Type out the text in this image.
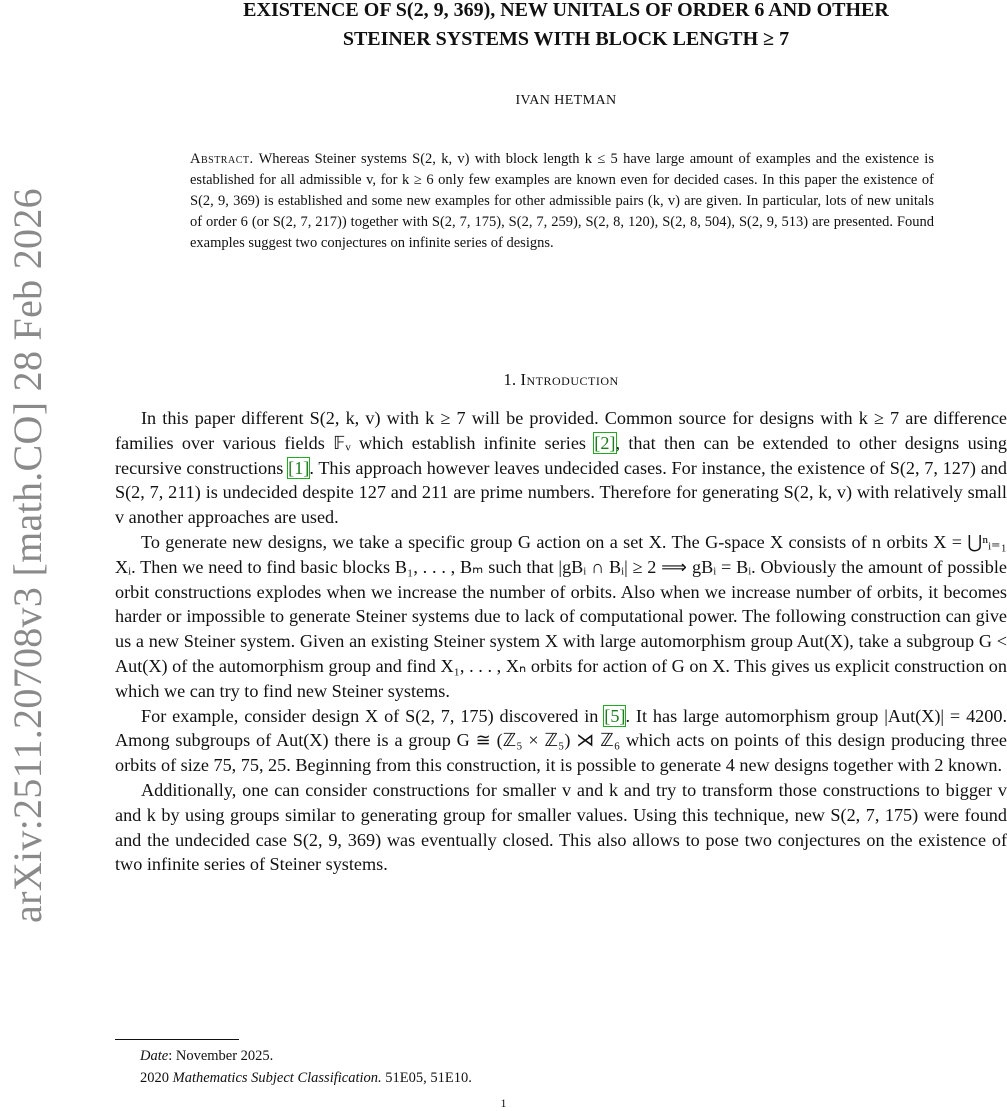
arXiv:2511.20708v3 [math.CO] 28 Feb 2026
EXISTENCE OF S(2, 9, 369), NEW UNITALS OF ORDER 6 AND OTHER
STEINER SYSTEMS WITH BLOCK LENGTH ≥ 7
IVAN HETMAN
Abstract. Whereas Steiner systems S(2, k, v) with block length k ≤ 5 have large amount of examples and the existence is established for all admissible v, for k ≥ 6 only few examples are known even for decided cases. In this paper the existence of S(2, 9, 369) is established and some new examples for other admissible pairs (k, v) are given. In particular, lots of new unitals of order 6 (or S(2, 7, 217)) together with S(2, 7, 175), S(2, 7, 259), S(2, 8, 120), S(2, 8, 504), S(2, 9, 513) are presented. Found examples suggest two conjectures on infinite series of designs.
1. Introduction

In this paper different S(2, k, v) with k ≥ 7 will be provided. Common source for designs with k ≥ 7 are difference families over various fields 𝔽ᵥ which establish infinite series [2], that then can be extended to other designs using recursive constructions [1]. This approach however leaves undecided cases. For instance, the existence of S(2, 7, 127) and S(2, 7, 211) is undecided despite 127 and 211 are prime numbers. Therefore for generating S(2, k, v) with relatively small v another approaches are used.

To generate new designs, we take a specific group G action on a set X. The G-space X consists of n orbits X = ⋃ⁿᵢ₌₁ Xᵢ. Then we need to find basic blocks B₁, . . . , Bₘ such that |gBᵢ ∩ Bᵢ| ≥ 2 ⟹ gBᵢ = Bᵢ. Obviously the amount of possible orbit constructions explodes when we increase the number of orbits. Also when we increase number of orbits, it becomes harder or impossible to generate Steiner systems due to lack of computational power. The following construction can give us a new Steiner system. Given an existing Steiner system X with large automorphism group Aut(X), take a subgroup G < Aut(X) of the automorphism group and find X₁, . . . , Xₙ orbits for action of G on X. This gives us explicit construction on which we can try to find new Steiner systems.

For example, consider design X of S(2, 7, 175) discovered in [5]. It has large automorphism group |Aut(X)| = 4200. Among subgroups of Aut(X) there is a group G ≅ (ℤ₅ × ℤ₅) ⋊ ℤ₆ which acts on points of this design producing three orbits of size 75, 75, 25. Beginning from this construction, it is possible to generate 4 new designs together with 2 known.

Additionally, one can consider constructions for smaller v and k and try to transform those constructions to bigger v and k by using groups similar to generating group for smaller values. Using this technique, new S(2, 7, 175) were found and the undecided case S(2, 9, 369) was eventually closed. This also allows to pose two conjectures on the existence of two infinite series of Steiner systems.

Date: November 2025.
2020 Mathematics Subject Classification. 51E05, 51E10.
1
